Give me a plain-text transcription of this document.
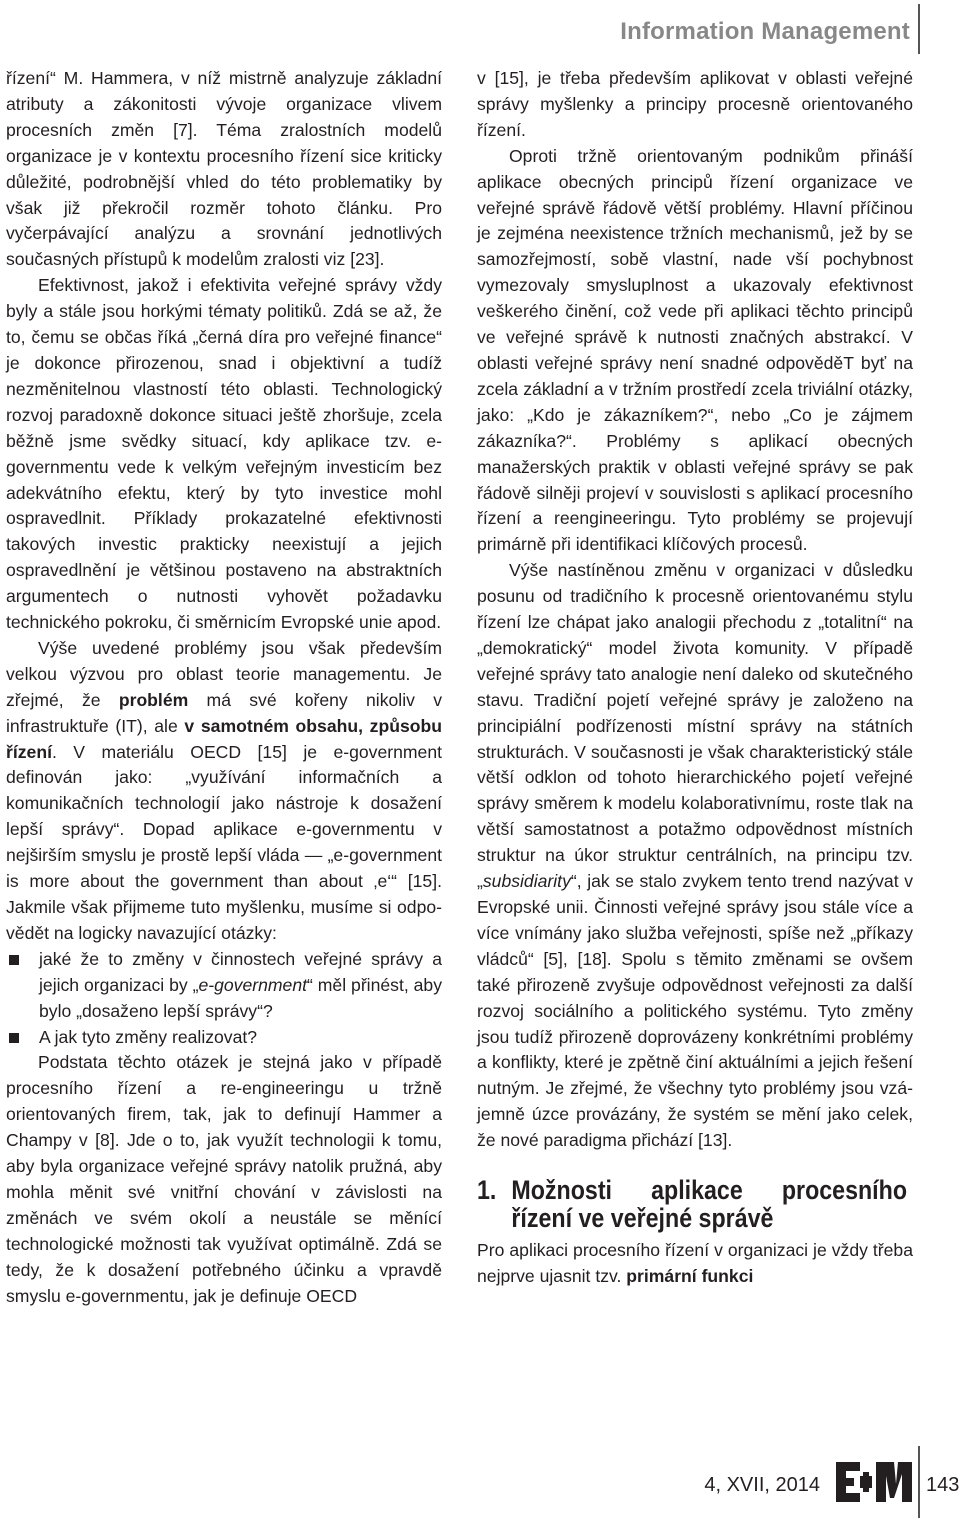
Information Management

řízení“ M. Hammera, v níž mistrně analyzuje základní atributy a zákonitosti vývoje organizace vlivem procesních změn [7]. Téma zralostních modelů organizace je v kontextu procesního řízení sice kriticky důležité, podrobnější vhled do této problematiky by však již překročil rozměr tohoto článku. Pro vyčerpávající analýzu a srovnání jednotlivých současných přístupů k modelům zralosti viz [23].

Efektivnost, jakož i efektivita veřejné správy vždy byly a stále jsou horkými tématy politiků. Zdá se až, že to, čemu se občas říká „černá díra pro veřejné finance“ je dokonce přirozenou, snad i objektivní a tudíž nezměnitelnou vlastností této oblasti. Technologický rozvoj paradoxně dokonce situaci ještě zhoršuje, zcela běžně jsme svědky situací, kdy aplikace tzv. e-governmentu vede k velkým veřejným investicím bez adekvátního efektu, který by tyto investice mohl ospravedlnit. Příklady prokazatelné efektivnosti takových investic prakticky neexistují a jejich ospravedlnění je většinou postaveno na abstraktních argumentech o nutnosti vyhovět požadavku technického pokroku, či směrnicím Evropské unie apod.

Výše uvedené problémy jsou však především velkou výzvou pro oblast teorie managementu. Je zřejmé, že problém má své kořeny nikoliv v infrastruktuře (IT), ale v samotném obsahu, způsobu řízení. V materiálu OECD [15] je e-government definován jako: „využívání informačních a komunikačních technologií jako nástroje k dosažení lepší správy“. Dopad aplikace e-governmentu v nejširším smyslu je prostě lepší vláda — „e-government is more about the government than about ‚e‘“ [15]. Jakmile však přijmeme tuto myšlenku, musíme si odpovědět na logicky navazující otázky:

jaké že to změny v činnostech veřejné správy a jejich organizaci by „e-government“ měl přinést, aby bylo „dosaženo lepší správy“?
A jak tyto změny realizovat?

Podstata těchto otázek je stejná jako v případě procesního řízení a re-engineeringu u tržně orientovaných firem, tak, jak to definují Hammer a Champy v [8]. Jde o to, jak využít technologii k tomu, aby byla organizace veřejné správy natolik pružná, aby mohla měnit své vnitřní chování v závislosti na změnách ve svém okolí a neustále se měnící technologické možnosti tak využívat optimálně. Zdá se tedy, že k dosažení potřebného účinku a vpravdě smyslu e-governmentu, jak je definuje OECD

v [15], je třeba především aplikovat v oblasti veřejné správy myšlenky a principy procesně orientovaného řízení.

Oproti tržně orientovaným podnikům přináší aplikace obecných principů řízení organizace ve veřejné správě řádově větší problémy. Hlavní příčinou je zejména neexistence tržních mechanismů, jež by se samozřejmostí, sobě vlastní, nade vší pochybnost vymezovaly smysluplnost a ukazovaly efektivnost veškerého činění, což vede při aplikaci těchto principů ve veřejné správě k nutnosti značných abstrakcí. V oblasti veřejné správy není snadné odpověděT byť na zcela základní a v tržním prostředí zcela triviální otázky, jako: „Kdo je zákazníkem?“, nebo „Co je zájmem zákazníka?“. Problémy s aplikací obecných manažerských praktik v oblasti veřejné správy se pak řádově silněji projeví v souvislosti s aplikací procesního řízení a reengineeringu. Tyto problémy se projevují primárně při identifikaci klíčových procesů.

Výše nastíněnou změnu v organizaci v důsledku posunu od tradičního k procesně orientovanému stylu řízení lze chápat jako analogii přechodu z „totalitní“ na „demokratický“ model života komunity. V případě veřejné správy tato analogie není daleko od skutečného stavu. Tradiční pojetí veřejné správy je založeno na principiální podřízenosti místní správy na státních strukturách. V současnosti je však charakteristický stále větší odklon od tohoto hierarchického pojetí veřejné správy směrem k modelu kolaborativnímu, roste tlak na větší samostatnost a potažmo odpovědnost místních struktur na úkor struktur centrálních, na principu tzv. „subsidiarity“, jak se stalo zvykem tento trend nazývat v Evropské unii. Činnosti veřejné správy jsou stále více a více vnímány jako služba veřejnosti, spíše než „příkazy vládců“ [5], [18]. Spolu s těmito změnami se ovšem také přirozeně zvyšuje odpovědnost veřejnosti za další rozvoj sociálního a politického systému. Tyto změny jsou tudíž přirozeně doprovázeny konkrétními problémy a konflikty, které je zpětně činí aktuálními a jejich řešení nutným. Je zřejmé, že všechny tyto problémy jsou vzájemně úzce provázány, že systém se mění jako celek, že nové paradigma přichází [13].

1. Možnosti aplikace procesního řízení ve veřejné správě

Pro aplikaci procesního řízení v organizaci je vždy třeba nejprve ujasnit tzv. primární funkci

4, XVII, 2014	143
